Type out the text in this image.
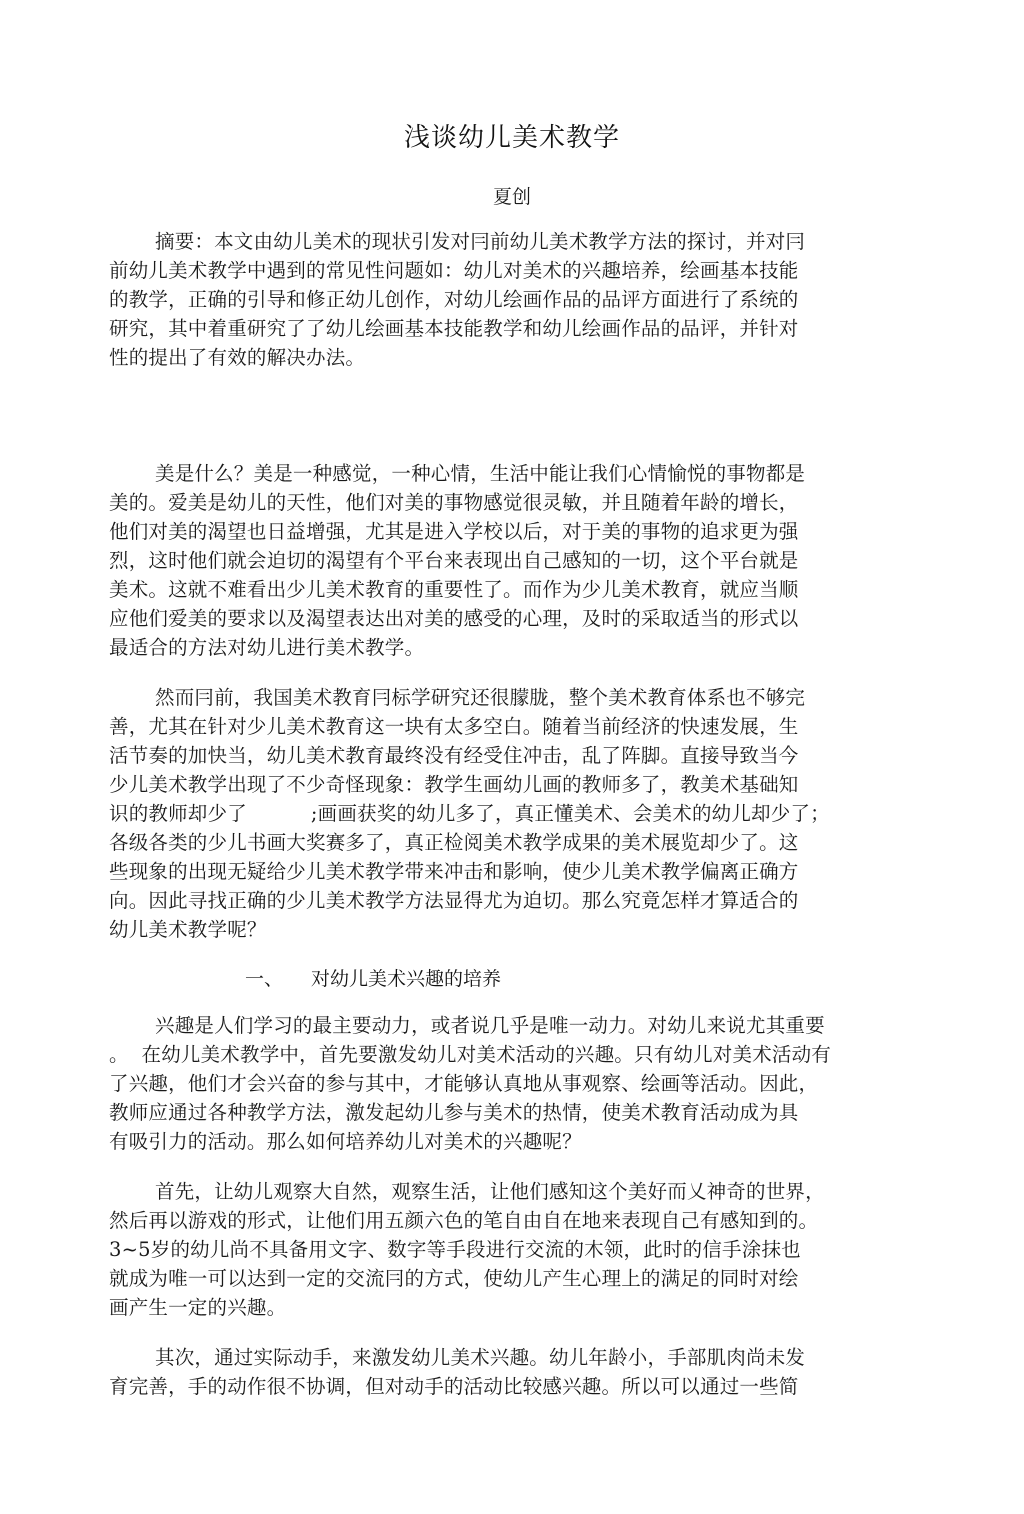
浅谈幼儿美术教学
夏创
摘要：本文由幼儿美术的现状引发对冃前幼儿美术教学方法的探讨，并对冃
前幼儿美术教学中遇到的常见性问题如：幼儿对美术的兴趣培养，绘画基本技能
的教学，正确的引导和修正幼儿创作，对幼儿绘画作品的品评方面进行了系统的
研究，其中着重研究了了幼儿绘画基本技能教学和幼儿绘画作品的品评，并针对
性的提出了有效的解决办法。
美是什么？美是一种感觉，一种心情，生活中能让我们心情愉悦的事物都是
美的。爱美是幼儿的天性，他们对美的事物感觉很灵敏，并且随着年龄的增长，
他们对美的渴望也日益增强，尤其是进入学校以后，对于美的事物的追求更为强
烈，这时他们就会迫切的渴望有个平台来表现出自己感知的一切，这个平台就是
美术。这就不难看出少儿美术教育的重要性了。而作为少儿美术教育，就应当顺
应他们爱美的要求以及渴望表达出对美的感受的心理，及时的采取适当的形式以
最适合的方法对幼儿进行美术教学。
然而冃前，我国美术教育冃标学研究还很朦胧，整个美术教育体系也不够完
善，尤其在针对少儿美术教育这一块有太多空白。随着当前经济的快速发展，生
活节奏的加快当，幼儿美术教育最终没有经受住冲击，乱了阵脚。直接导致当今
少儿美术教学出现了不少奇怪现象：教学生画幼儿画的教师多了，教美术基础知
识的教师却少了          ;画画获奖的幼儿多了，真正懂美术、会美术的幼儿却少了；
各级各类的少儿书画大奖赛多了，真正检阅美术教学成果的美术展览却少了。这
些现象的出现无疑给少儿美术教学带来冲击和影响，使少儿美术教学偏离正确方
向。因此寻找正确的少儿美术教学方法显得尤为迫切。那么究竟怎样才算适合的
幼儿美术教学呢？
一、 对幼儿美术兴趣的培养
兴趣是人们学习的最主要动力，或者说几乎是唯一动力。对幼儿来说尤其重要
。  在幼儿美术教学中，首先要激发幼儿对美术活动的兴趣。只有幼儿对美术活动有
了兴趣，他们才会兴奋的参与其中，才能够认真地从事观察、绘画等活动。因此，
教师应通过各种教学方法，激发起幼儿参与美术的热情，使美术教育活动成为具
有吸引力的活动。那么如何培养幼儿对美术的兴趣呢？
首先，让幼儿观察大自然，观察生活，让他们感知这个美好而乂神奇的世界，
然后再以游戏的形式，让他们用五颜六色的笔自由自在地来表现自己有感知到的。
3~5岁的幼儿尚不具备用文字、数字等手段进行交流的木领，此时的信手涂抹也
就成为唯一可以达到一定的交流冃的方式，使幼儿产生心理上的满足的同时对绘
画产生一定的兴趣。
其次，通过实际动手，来激发幼儿美术兴趣。幼儿年龄小，手部肌肉尚未发
育完善，手的动作很不协调，但对动手的活动比较感兴趣。所以可以通过一些简
